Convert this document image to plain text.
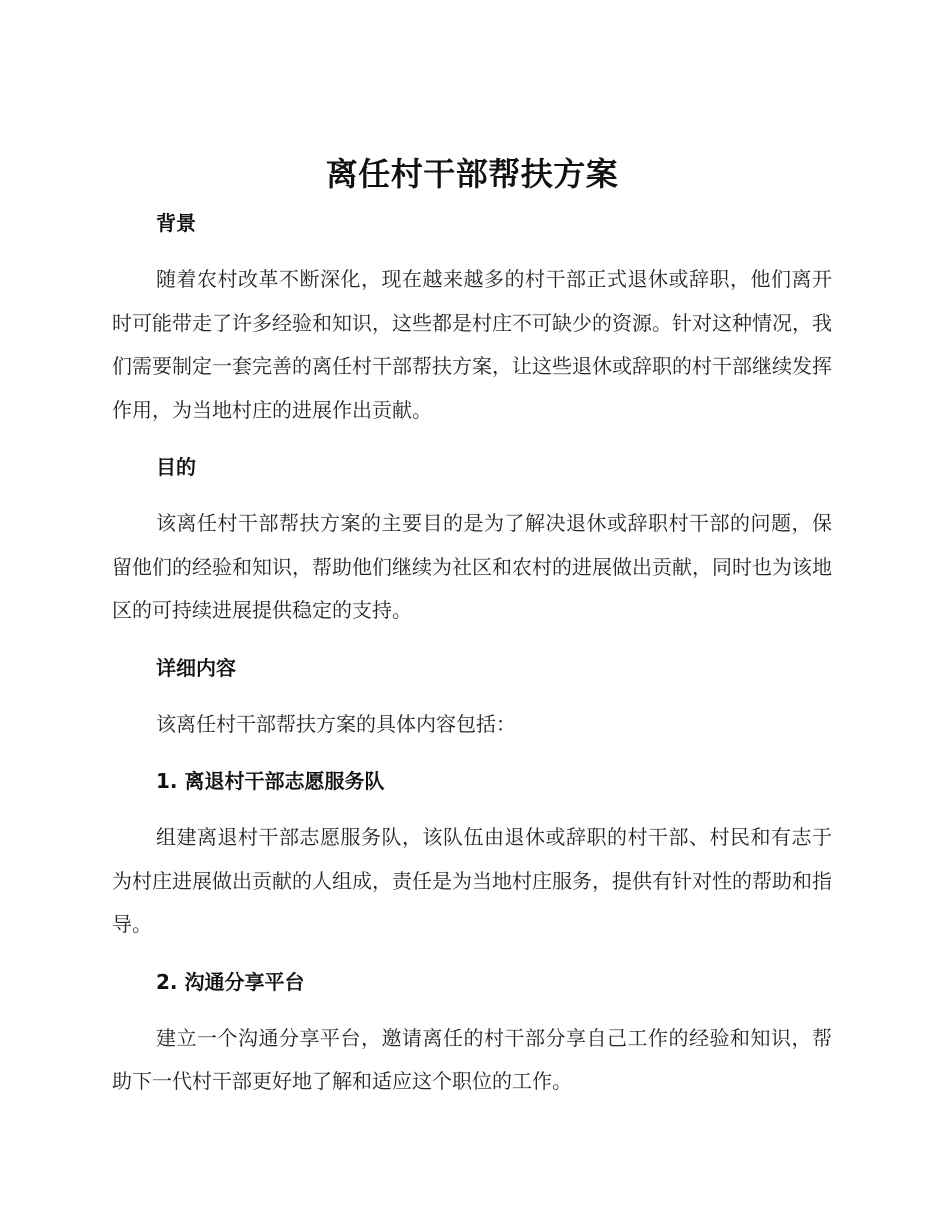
离任村干部帮扶方案
背景

随着农村改革不断深化，现在越来越多的村干部正式退休或辞职，他们离开时可能带走了许多经验和知识，这些都是村庄不可缺少的资源。针对这种情况，我们需要制定一套完善的离任村干部帮扶方案，让这些退休或辞职的村干部继续发挥作用，为当地村庄的进展作出贡献。

目的

该离任村干部帮扶方案的主要目的是为了解决退休或辞职村干部的问题，保留他们的经验和知识，帮助他们继续为社区和农村的进展做出贡献，同时也为该地区的可持续进展提供稳定的支持。

详细内容

该离任村干部帮扶方案的具体内容包括：

1. 离退村干部志愿服务队

组建离退村干部志愿服务队，该队伍由退休或辞职的村干部、村民和有志于为村庄进展做出贡献的人组成，责任是为当地村庄服务，提供有针对性的帮助和指导。

2. 沟通分享平台

建立一个沟通分享平台，邀请离任的村干部分享自己工作的经验和知识，帮助下一代村干部更好地了解和适应这个职位的工作。
